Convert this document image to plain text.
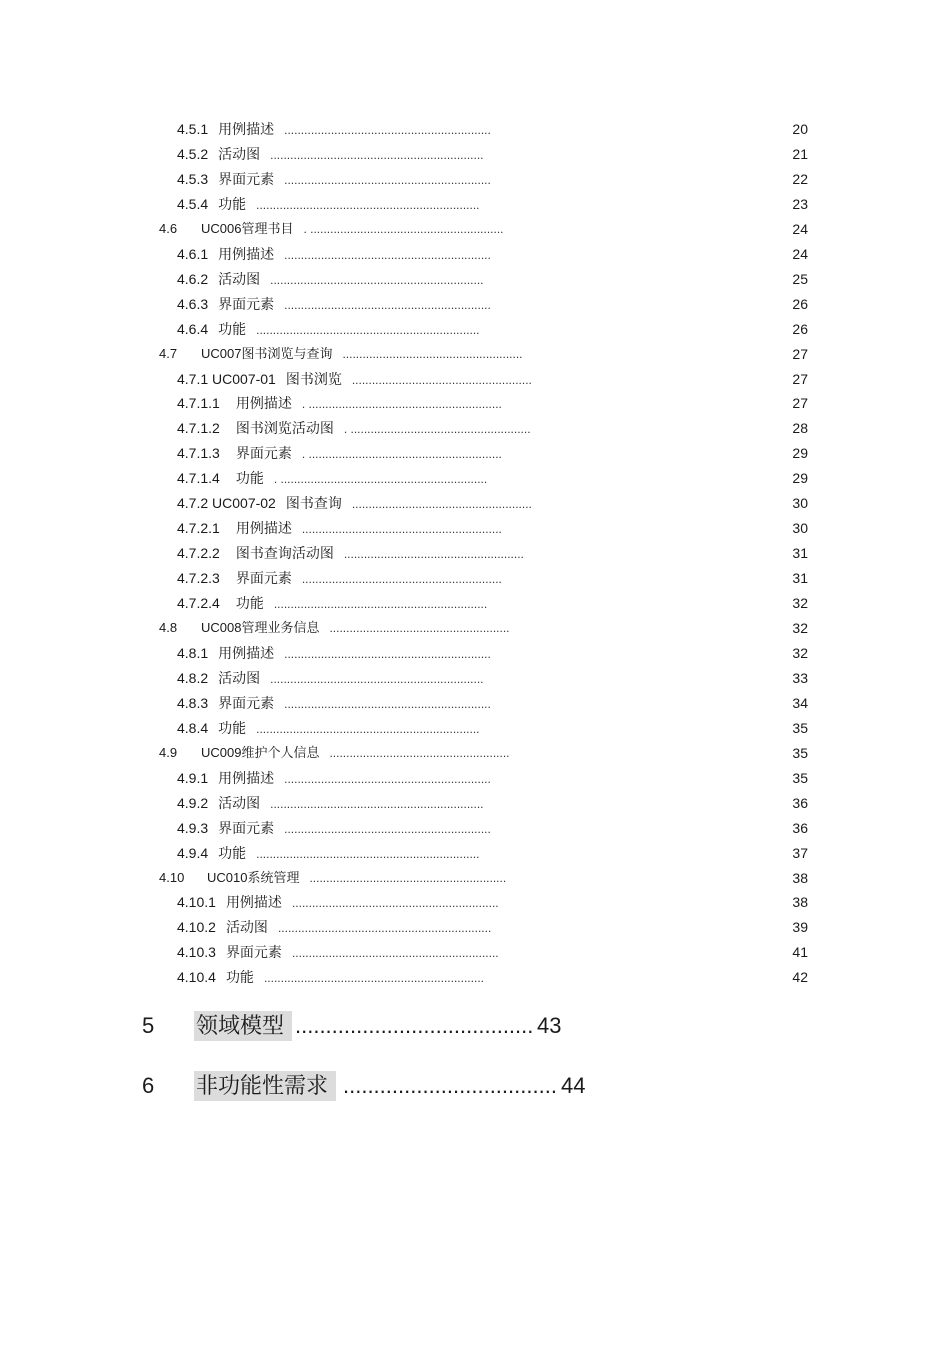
4.5.1 用例描述 ..............................................................	20
4.5.2 活动图 ................................................................	21
4.5.3 界面元素 ..............................................................	22
4.5.4 功能 ...................................................................	23
4.6 UC006管理书目 . ..........................................................	24
4.6.1 用例描述 ..............................................................	24
4.6.2 活动图 ................................................................	25
4.6.3 界面元素 ..............................................................	26
4.6.4 功能 ...................................................................	26
4.7 UC007图书浏览与查询 ......................................................	27
4.7.1 UC007-01 图书浏览 ......................................................	27
4.7.1.1 用例描述 . ..........................................................	27
4.7.1.2 图书浏览活动图 . ......................................................	28
4.7.1.3 界面元素 . ..........................................................	29
4.7.1.4 功能 . ..............................................................	29
4.7.2 UC007-02 图书查询 ......................................................	30
4.7.2.1 用例描述 ............................................................	30
4.7.2.2 图书查询活动图 ......................................................	31
4.7.2.3 界面元素 ............................................................	31
4.7.2.4 功能 ................................................................	32
4.8 UC008管理业务信息 ......................................................	32
4.8.1 用例描述 ..............................................................	32
4.8.2 活动图 ................................................................	33
4.8.3 界面元素 ..............................................................	34
4.8.4 功能 ...................................................................	35
4.9 UC009维护个人信息 ......................................................	35
4.9.1 用例描述 ..............................................................	35
4.9.2 活动图 ................................................................	36
4.9.3 界面元素 ..............................................................	36
4.9.4 功能 ...................................................................	37
4.10 UC010系统管理 ...........................................................	38
4.10.1 用例描述 ..............................................................	38
4.10.2 活动图 ................................................................	39
4.10.3 界面元素 ..............................................................	41
4.10.4 功能 ..................................................................	42
5 领域模型 ....................................... 43
6 非功能性需求 ................................... 44
